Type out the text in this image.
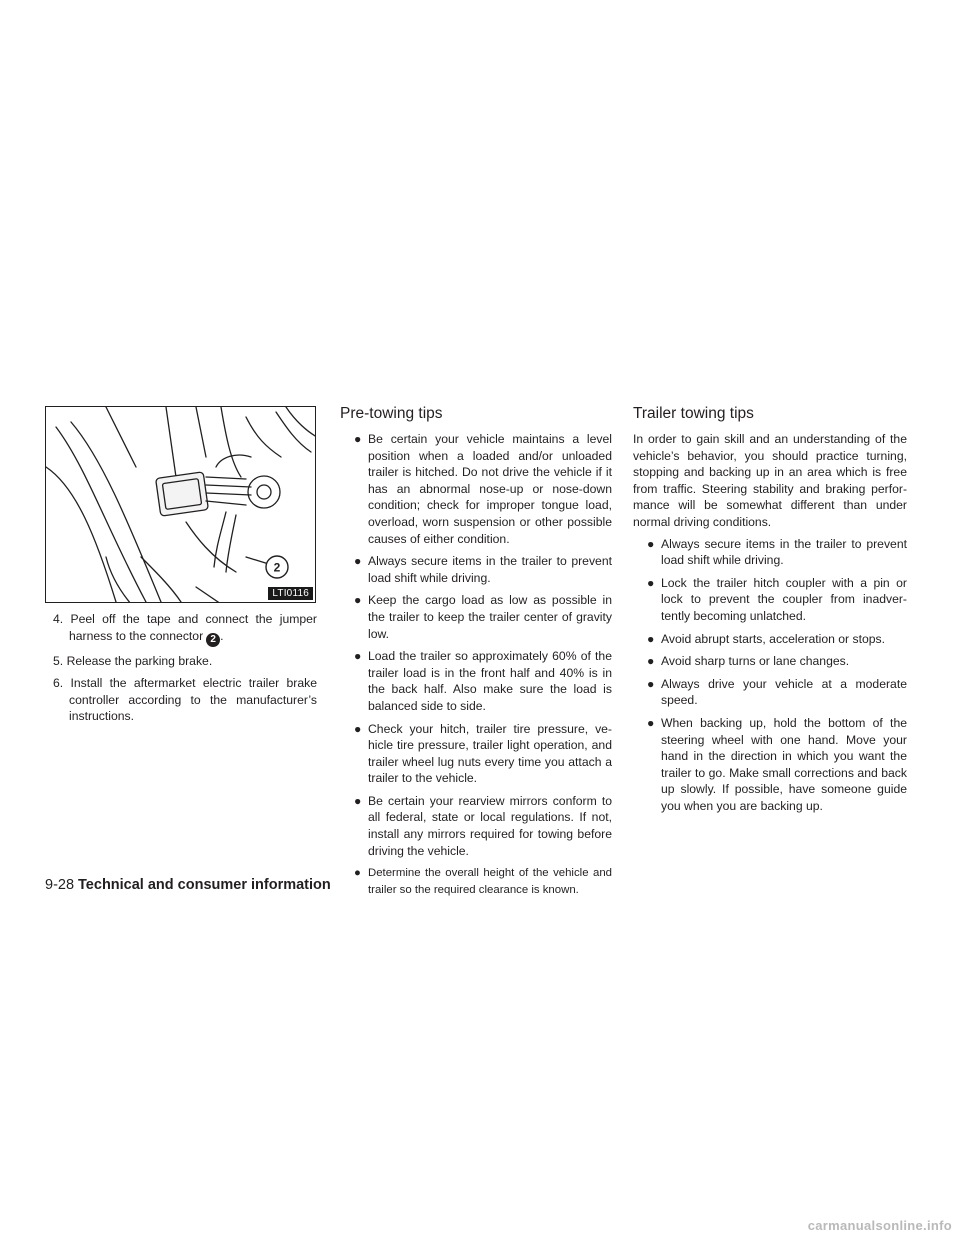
2
LTI0116
4. Peel off the tape and connect the jumper harness to the connector 2 .
5. Release the parking brake.
6. Install the aftermarket electric trailer brake controller according to the manufacturer’s instructions.
Pre-towing tips
● Be certain your vehicle maintains a level position when a loaded and/or unloaded trailer is hitched. Do not drive the vehicle if it has an abnormal nose-up or nose-down condition; check for improper tongue load, overload, worn suspension or other possible causes of either condition.
● Always secure items in the trailer to prevent load shift while driving.
● Keep the cargo load as low as possible in the trailer to keep the trailer center of gravity low.
● Load the trailer so approximately 60% of the trailer load is in the front half and 40% is in the back half. Also make sure the load is balanced side to side.
● Check your hitch, trailer tire pressure, ve-hicle tire pressure, trailer light operation, and trailer wheel lug nuts every time you attach a trailer to the vehicle.
● Be certain your rearview mirrors conform to all federal, state or local regulations. If not, install any mirrors required for towing before driving the vehicle.
● Determine the overall height of the vehicle and trailer so the required clearance is known.
Trailer towing tips

In order to gain skill and an understanding of the vehicle’s behavior, you should practice turning, stopping and backing up in an area which is free from traffic. Steering stability and braking perfor-mance will be somewhat different than under normal driving conditions.

● Always secure items in the trailer to prevent load shift while driving.
● Lock the trailer hitch coupler with a pin or lock to prevent the coupler from inadver-tently becoming unlatched.
● Avoid abrupt starts, acceleration or stops.
● Avoid sharp turns or lane changes.
● Always drive your vehicle at a moderate speed.
● When backing up, hold the bottom of the steering wheel with one hand. Move your hand in the direction in which you want the trailer to go. Make small corrections and back up slowly. If possible, have someone guide you when you are backing up.
9-28 Technical and consumer information
carmanualsonline.info
